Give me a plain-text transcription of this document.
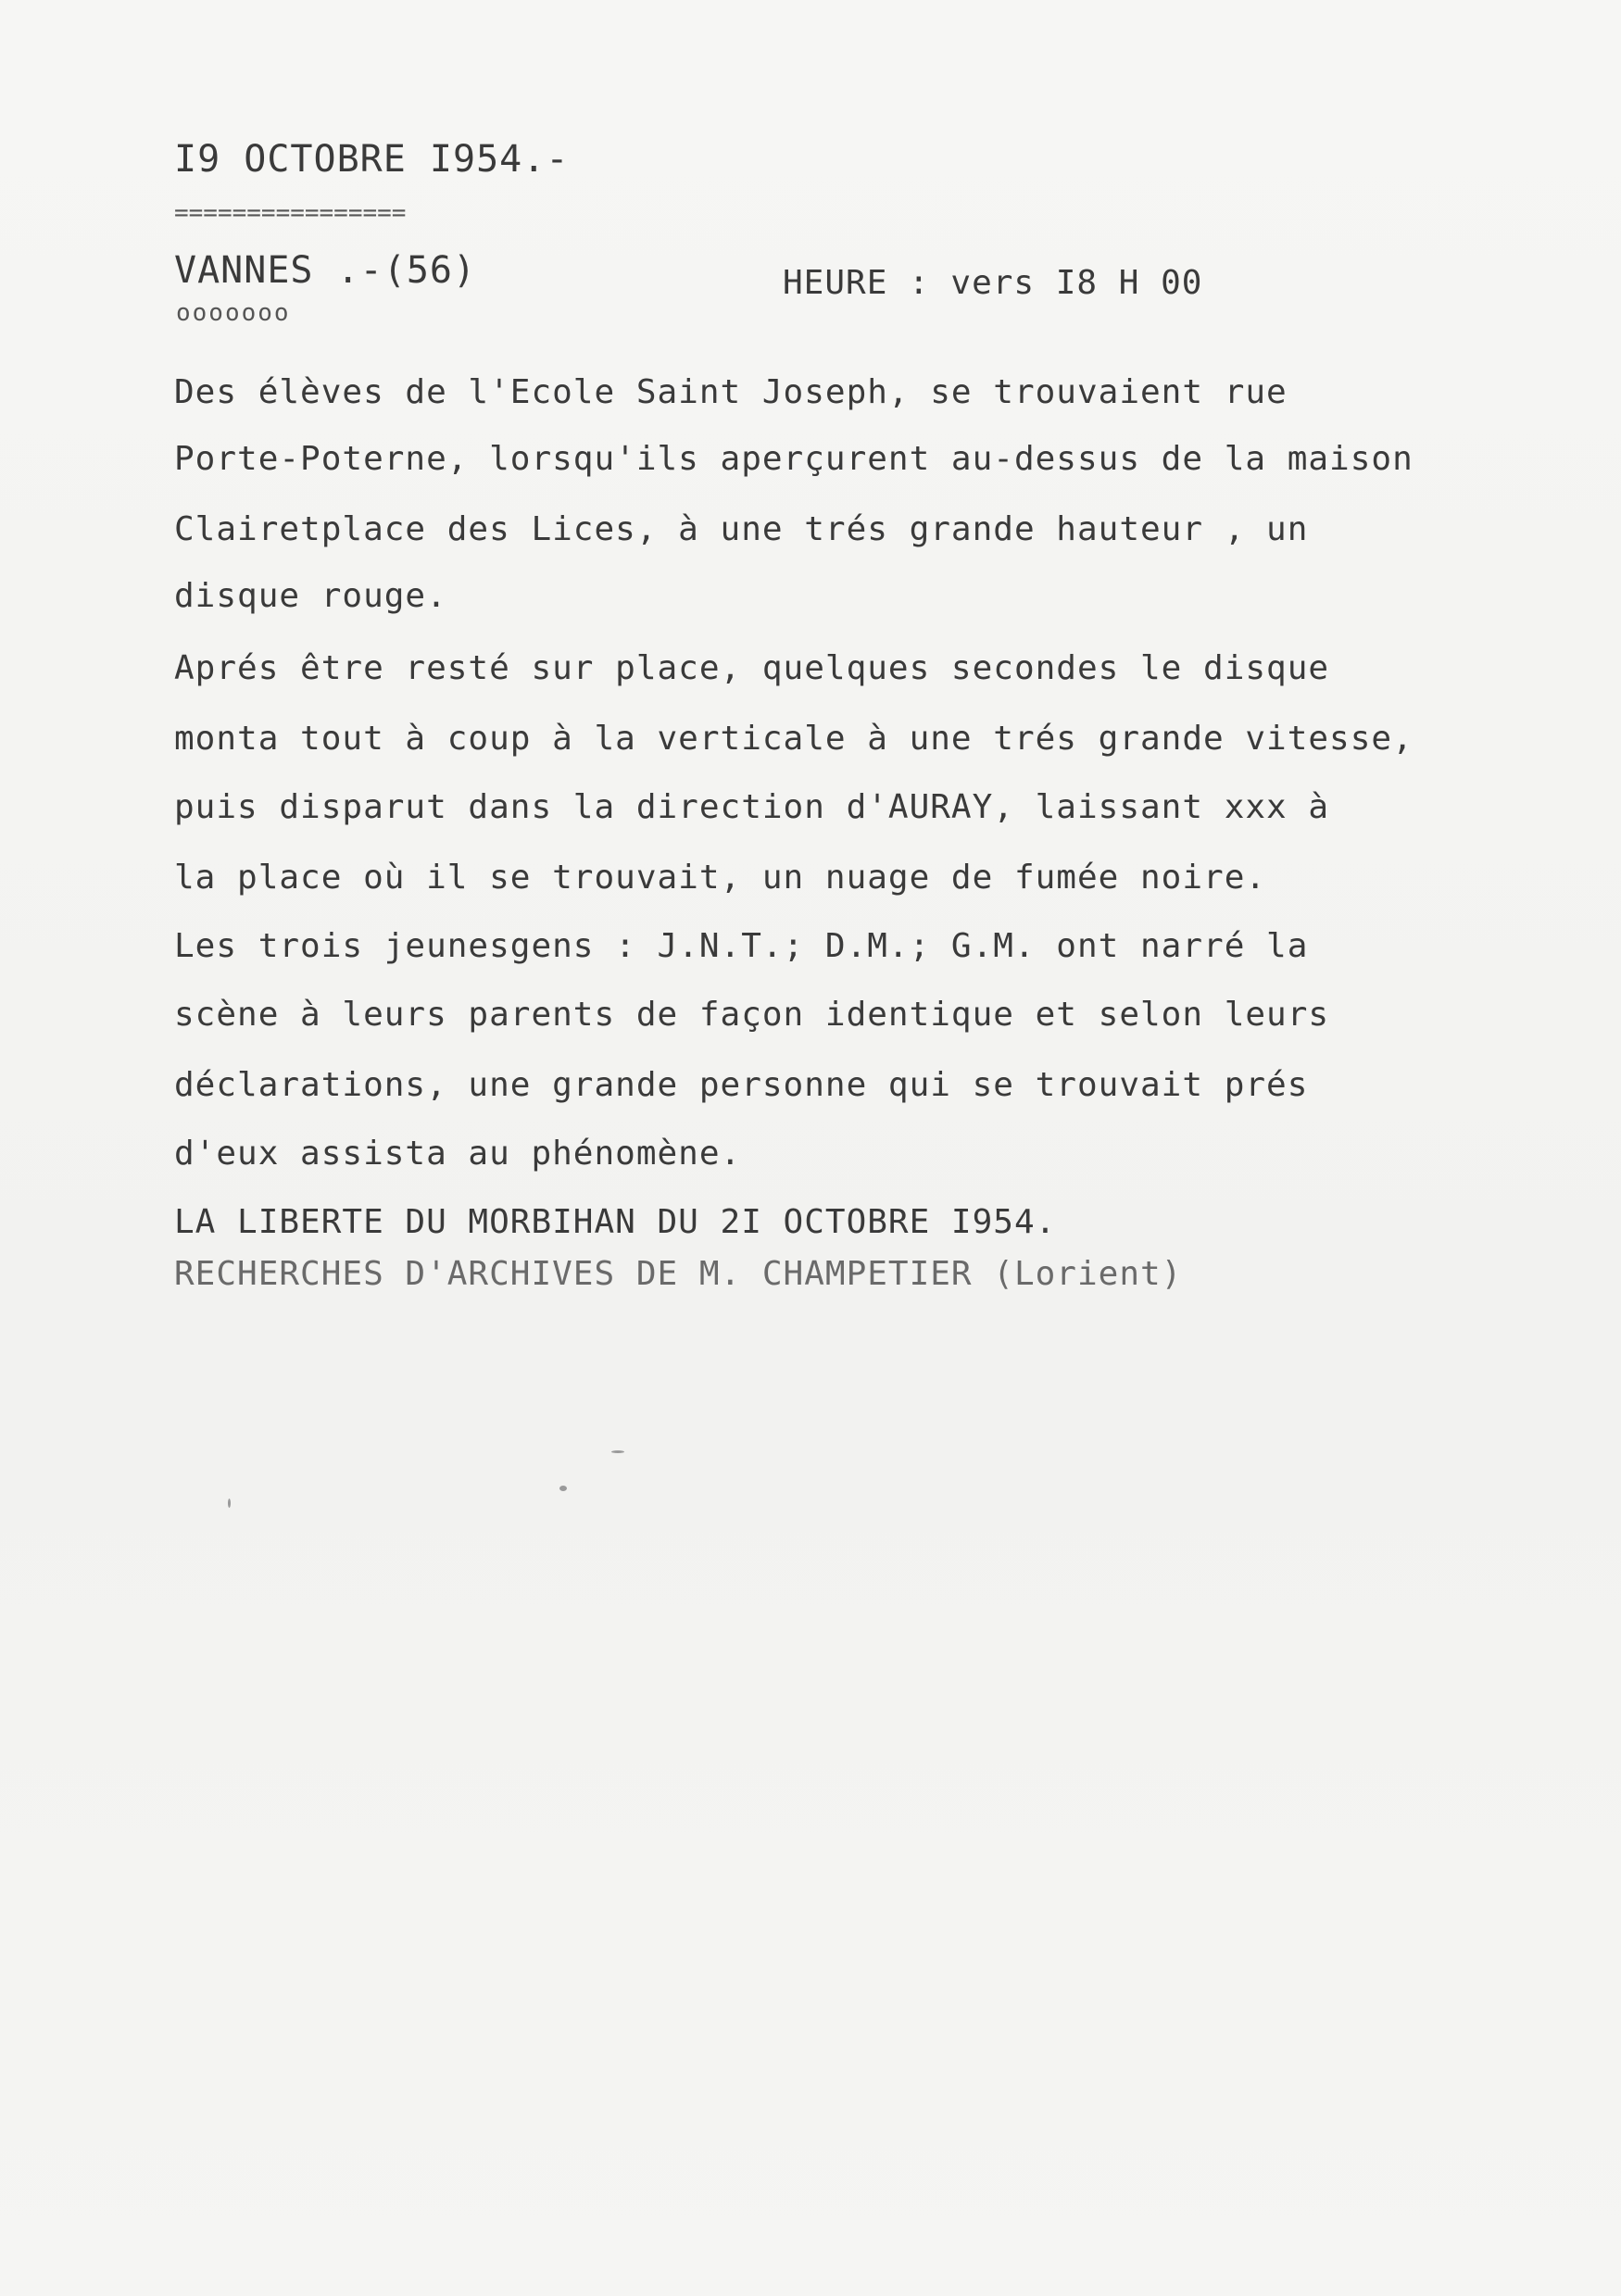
I9 OCTOBRE I954.-
================
VANNES .-(56)
ooooooo
HEURE : vers I8 H 00
Des élèves de l'Ecole Saint Joseph, se trouvaient rue
Porte-Poterne, lorsqu'ils aperçurent au-dessus de la maison
Clairetplace des Lices, à une trés grande hauteur , un
disque rouge.
Aprés être resté sur place, quelques secondes le disque
monta tout à coup à la verticale à une trés grande vitesse,
puis disparut dans la direction d'AURAY, laissant xxx à
la place où il se trouvait, un nuage de fumée noire.
Les trois jeunesgens : J.N.T.; D.M.; G.M. ont narré la
scène à leurs parents de façon identique et selon leurs
déclarations, une grande personne qui se trouvait prés
d'eux assista au phénomène.
LA LIBERTE DU MORBIHAN DU 2I OCTOBRE I954.
RECHERCHES D'ARCHIVES DE M. CHAMPETIER (Lorient)
